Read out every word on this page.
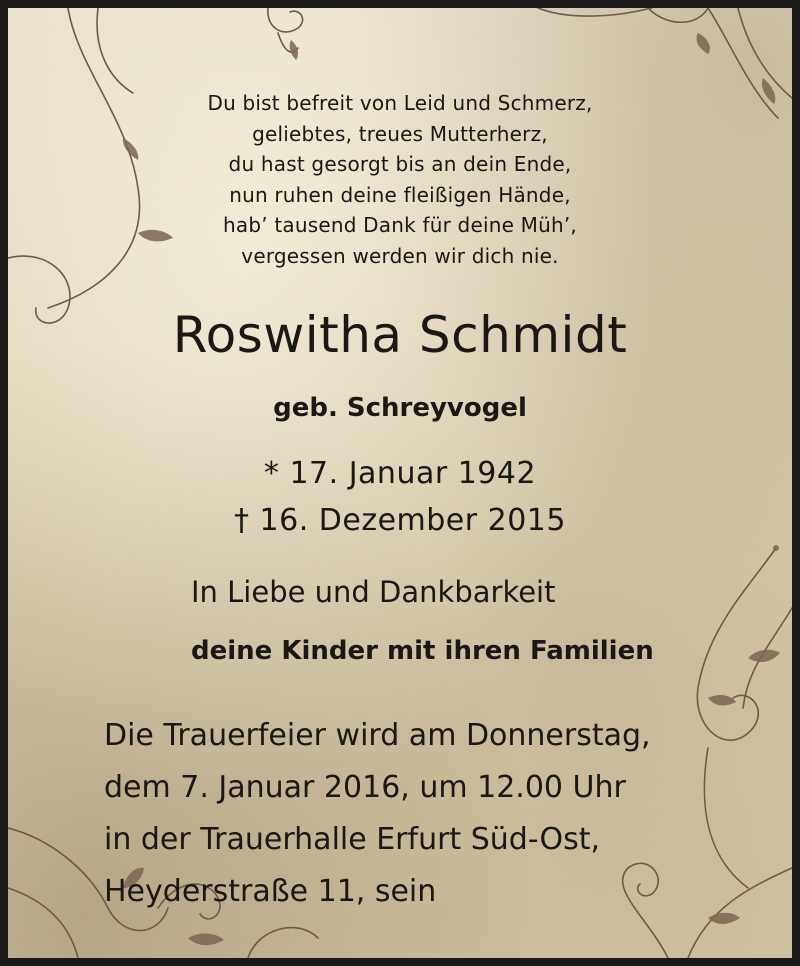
Du bist befreit von Leid und Schmerz,
geliebtes, treues Mutterherz,
du hast gesorgt bis an dein Ende,
nun ruhen deine fleißigen Hände,
hab’ tausend Dank für deine Müh’,
vergessen werden wir dich nie.
Roswitha Schmidt
geb. Schreyvogel
* 17. Januar 1942
† 16. Dezember 2015
In Liebe und Dankbarkeit
deine Kinder mit ihren Familien
Die Trauerfeier wird am Donnerstag,
dem 7. Januar 2016, um 12.00 Uhr
in der Trauerhalle Erfurt Süd-Ost,
Heyderstraße 11, sein
